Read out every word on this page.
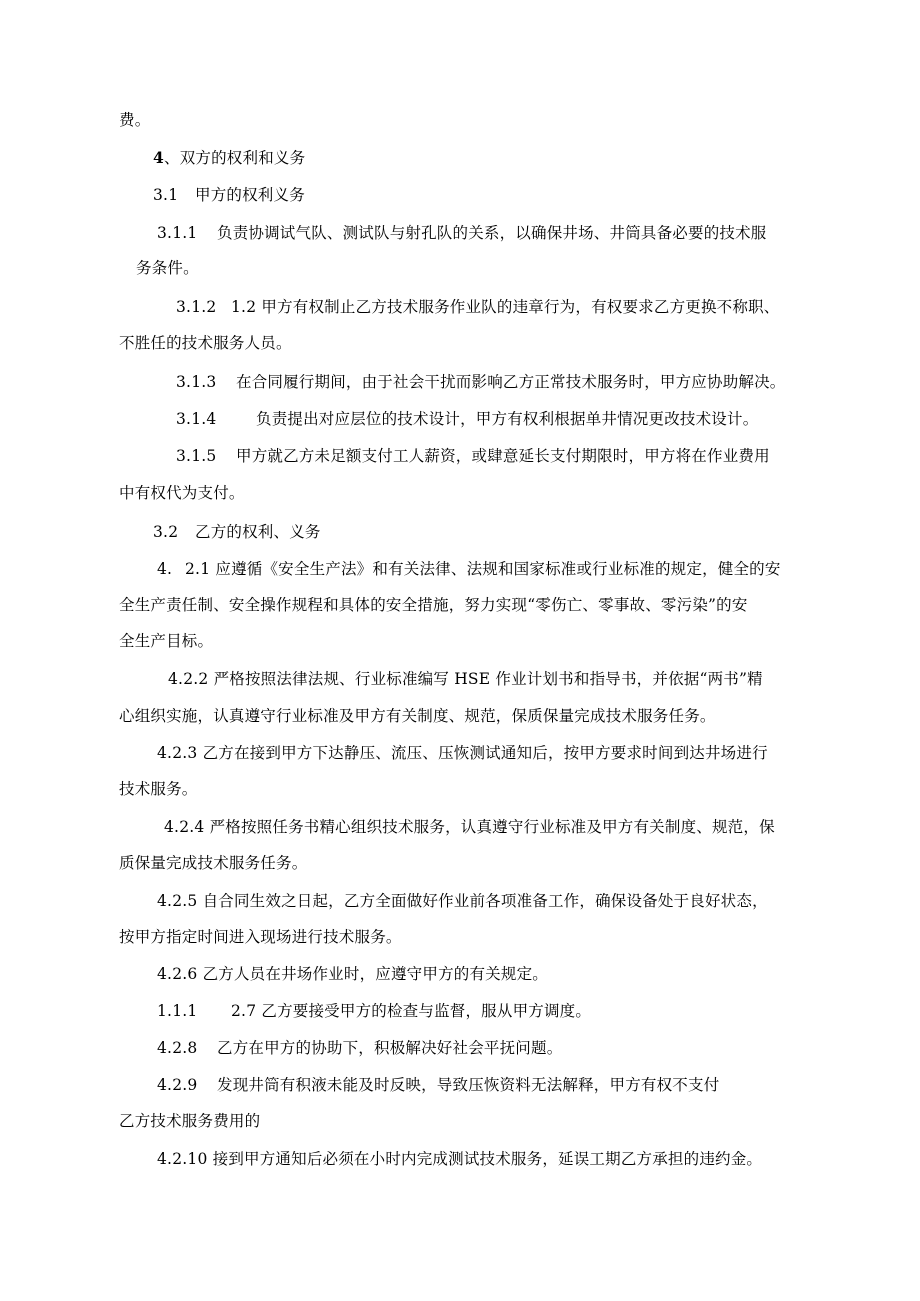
费。
4、双方的权利和义务
3.1 甲方的权利义务
3.1.1 负责协调试气队、测试队与射孔队的关系，以确保井场、井筒具备必要的技术服
务条件。
3.1.2 1.2 甲方有权制止乙方技术服务作业队的违章行为，有权要求乙方更换不称职、
不胜任的技术服务人员。
3.1.3 在合同履行期间，由于社会干扰而影响乙方正常技术服务时，甲方应协助解决。
3.1.4	负责提出对应层位的技术设计，甲方有权利根据单井情况更改技术设计。
3.1.5 甲方就乙方未足额支付工人薪资，或肆意延长支付期限时，甲方将在作业费用
中有权代为支付。
3.2 乙方的权利、义务
4. 2.1 应遵循《安全生产法》和有关法律、法规和国家标准或行业标准的规定，健全的安
全生产责任制、安全操作规程和具体的安全措施，努力实现“零伤亡、零事故、零污染”的安
全生产目标。
4.2.2 严格按照法律法规、行业标准编写 HSE 作业计划书和指导书，并依据“两书”精
心组织实施，认真遵守行业标准及甲方有关制度、规范，保质保量完成技术服务任务。
4.2.3 乙方在接到甲方下达静压、流压、压恢测试通知后，按甲方要求时间到达井场进行
技术服务。
4.2.4 严格按照任务书精心组织技术服务，认真遵守行业标准及甲方有关制度、规范，保
质保量完成技术服务任务。
4.2.5 自合同生效之日起，乙方全面做好作业前各项准备工作，确保设备处于良好状态，
按甲方指定时间进入现场进行技术服务。
4.2.6 乙方人员在井场作业时，应遵守甲方的有关规定。
1.1.1 2.7 乙方要接受甲方的检查与监督，服从甲方调度。
4.2.8 乙方在甲方的协助下，积极解决好社会平抚问题。
4.2.9 发现井筒有积液未能及时反映，导致压恢资料无法解释，甲方有权不支付
乙方技术服务费用的
4.2.10 接到甲方通知后必须在小时内完成测试技术服务，延误工期乙方承担的违约金。
